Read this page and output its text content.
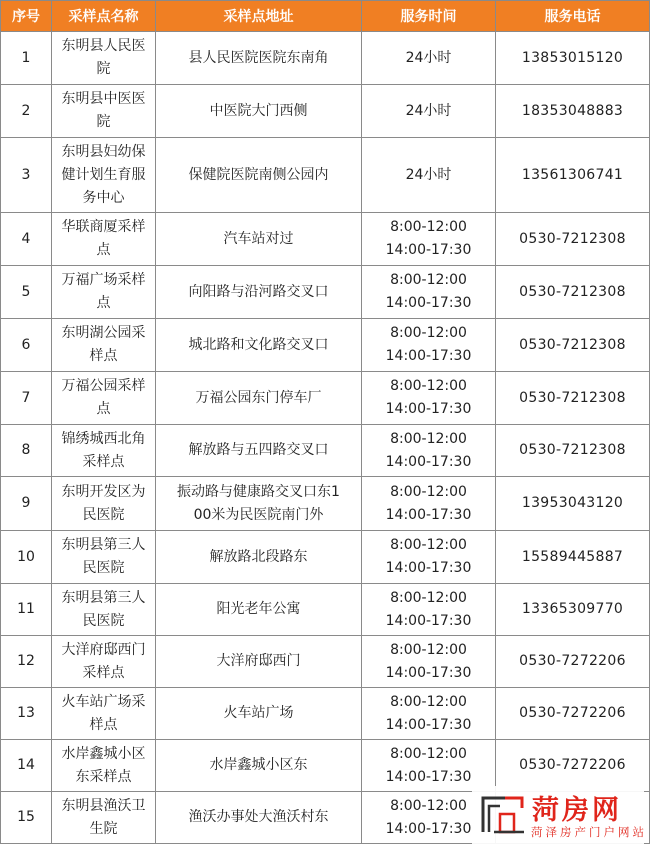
序号	采样点名称	采样点地址	服务时间	服务电话
1	东明县人民医
院	县人民医院医院东南角	24小时	13853015120
2	东明县中医医
院	中医院大门西侧	24小时	18353048883
3	东明县妇幼保
健计划生育服
务中心	保健院医院南侧公园内	24小时	13561306741
4	华联商厦采样
点	汽车站对过	8:00-12:00
14:00-17:30	0530-7212308
5	万福广场采样
点	向阳路与沿河路交叉口	8:00-12:00
14:00-17:30	0530-7212308
6	东明湖公园采
样点	城北路和文化路交叉口	8:00-12:00
14:00-17:30	0530-7212308
7	万福公园采样
点	万福公园东门停车厂	8:00-12:00
14:00-17:30	0530-7212308
8	锦绣城西北角
采样点	解放路与五四路交叉口	8:00-12:00
14:00-17:30	0530-7212308
9	东明开发区为
民医院	振动路与健康路交叉口东1
00米为民医院南门外	8:00-12:00
14:00-17:30	13953043120
10	东明县第三人
民医院	解放路北段路东	8:00-12:00
14:00-17:30	15589445887
11	东明县第三人
民医院	阳光老年公寓	8:00-12:00
14:00-17:30	13365309770
12	大洋府邸西门
采样点	大洋府邸西门	8:00-12:00
14:00-17:30	0530-7272206
13	火车站广场采
样点	火车站广场	8:00-12:00
14:00-17:30	0530-7272206
14	水岸鑫城小区
东采样点	水岸鑫城小区东	8:00-12:00
14:00-17:30	0530-7272206
15	东明县渔沃卫
生院	渔沃办事处大渔沃村东	8:00-12:00
14:00-17:30	

菏房网
菏泽房产门户网站
